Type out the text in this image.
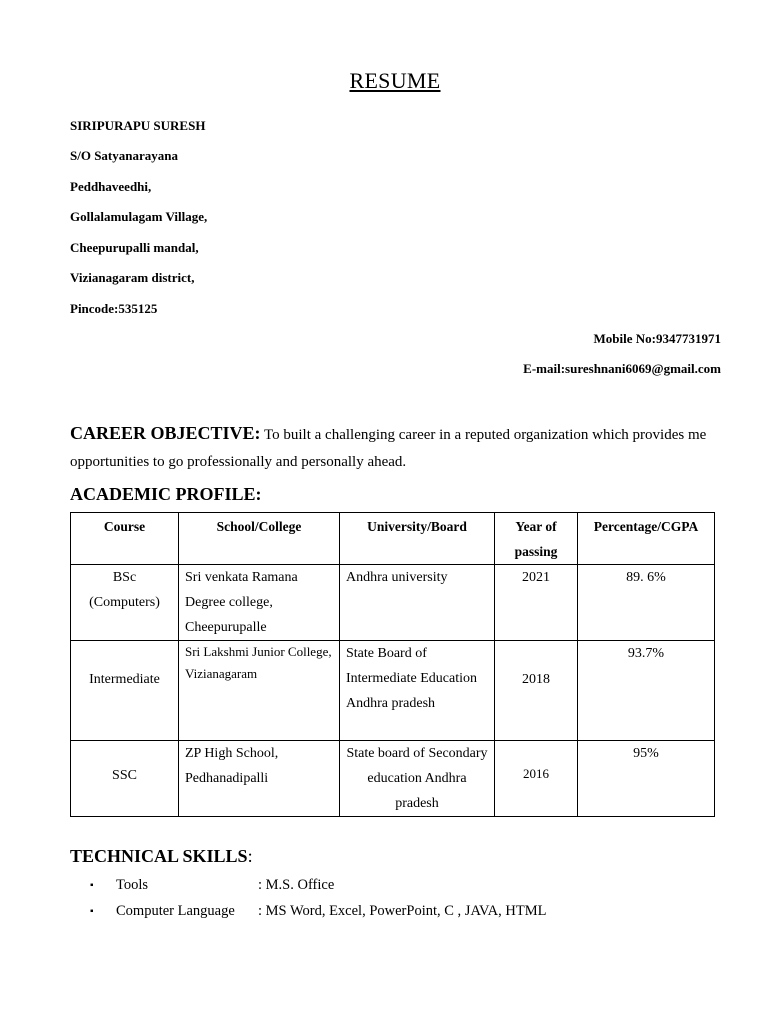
RESUME
SIRIPURAPU SURESH
S/O Satyanarayana
Peddhaveedhi,
Gollalamulagam Village,
Cheepurupalli mandal,
Vizianagaram district,
Pincode:535125
Mobile No:9347731971
E-mail:sureshnani6069@gmail.com
CAREER OBJECTIVE: To built a challenging career in a reputed organization which provides me opportunities to go professionally and personally ahead.
ACADEMIC PROFILE:
Course	School/College	University/Board	Year of passing	Percentage/CGPA
BSc (Computers)	Sri venkata Ramana Degree college, Cheepurupalle	Andhra university	2021	89. 6%
Intermediate	Sri Lakshmi Junior College, Vizianagaram	State Board of Intermediate Education Andhra pradesh	2018	93.7%
SSC	ZP High School, Pedhanadipalli	State board of Secondary education Andhra pradesh	2016	95%
TECHNICAL SKILLS:
▪ Tools	: M.S. Office
▪ Computer Language : MS Word, Excel, PowerPoint, C , JAVA, HTML
